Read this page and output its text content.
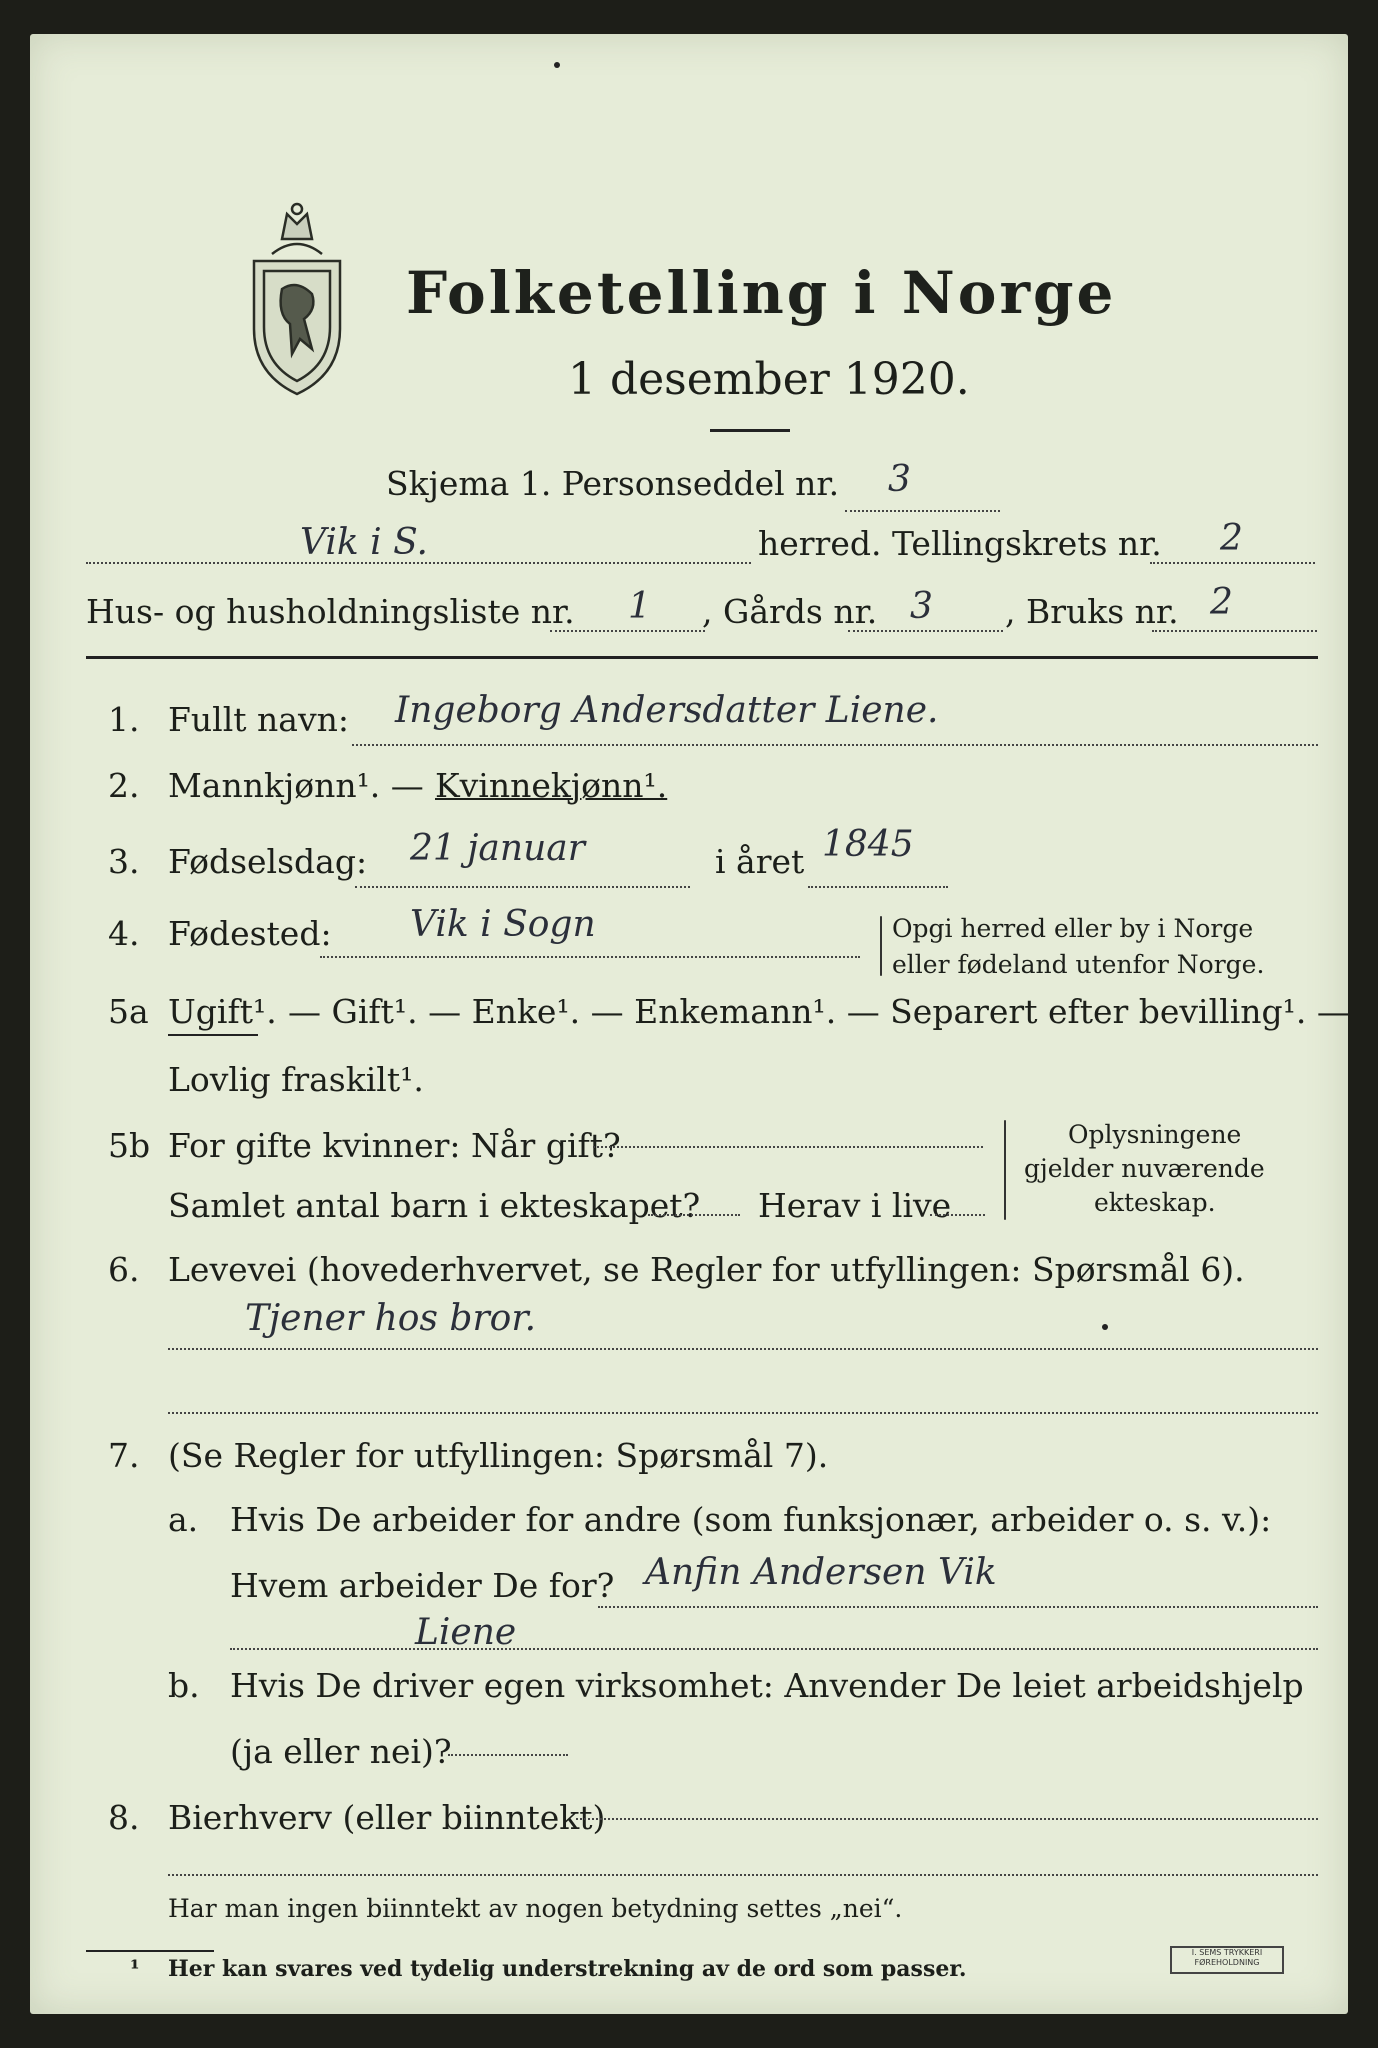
Folketelling i Norge
1 desember 1920.
Skjema 1. Personseddel nr. 3
Vik i S.	herred. Tellingskrets nr. 2
Hus- og husholdningsliste nr. 1 , Gårds nr. 3 , Bruks nr. 2
1. Fullt navn: Ingeborg Andersdatter Liene.
2. Mannkjønn¹. — Kvinnekjønn¹.
3. Fødselsdag: 21 januar	i året 1845
4. Fødested: Vik i Sogn	Opgi herred eller by i Norge
eller fødeland utenfor Norge.
5a Ugift¹. — Gift¹. — Enke¹. — Enkemann¹. — Separert efter bevilling¹. —
Lovlig fraskilt¹.
5b For gifte kvinner: Når gift?
Samlet antal barn i ekteskapet? Herav i live
Oplysningene
gjelder nuværende
ekteskap.
6. Levevei (hovederhvervet, se Regler for utfyllingen: Spørsmål 6).
Tjener hos bror.
7. (Se Regler for utfyllingen: Spørsmål 7).
a. Hvis De arbeider for andre (som funksjonær, arbeider o. s. v.):
Hvem arbeider De for? Anfin Andersen Vik
Liene
b. Hvis De driver egen virksomhet: Anvender De leiet arbeidshjelp
(ja eller nei)?
8. Bierhverv (eller biinntekt)
Har man ingen biinntekt av nogen betydning settes „nei“.
¹ Her kan svares ved tydelig understrekning av de ord som passer.
I. SEMS TRYKKERI
FØREHOLDNING
